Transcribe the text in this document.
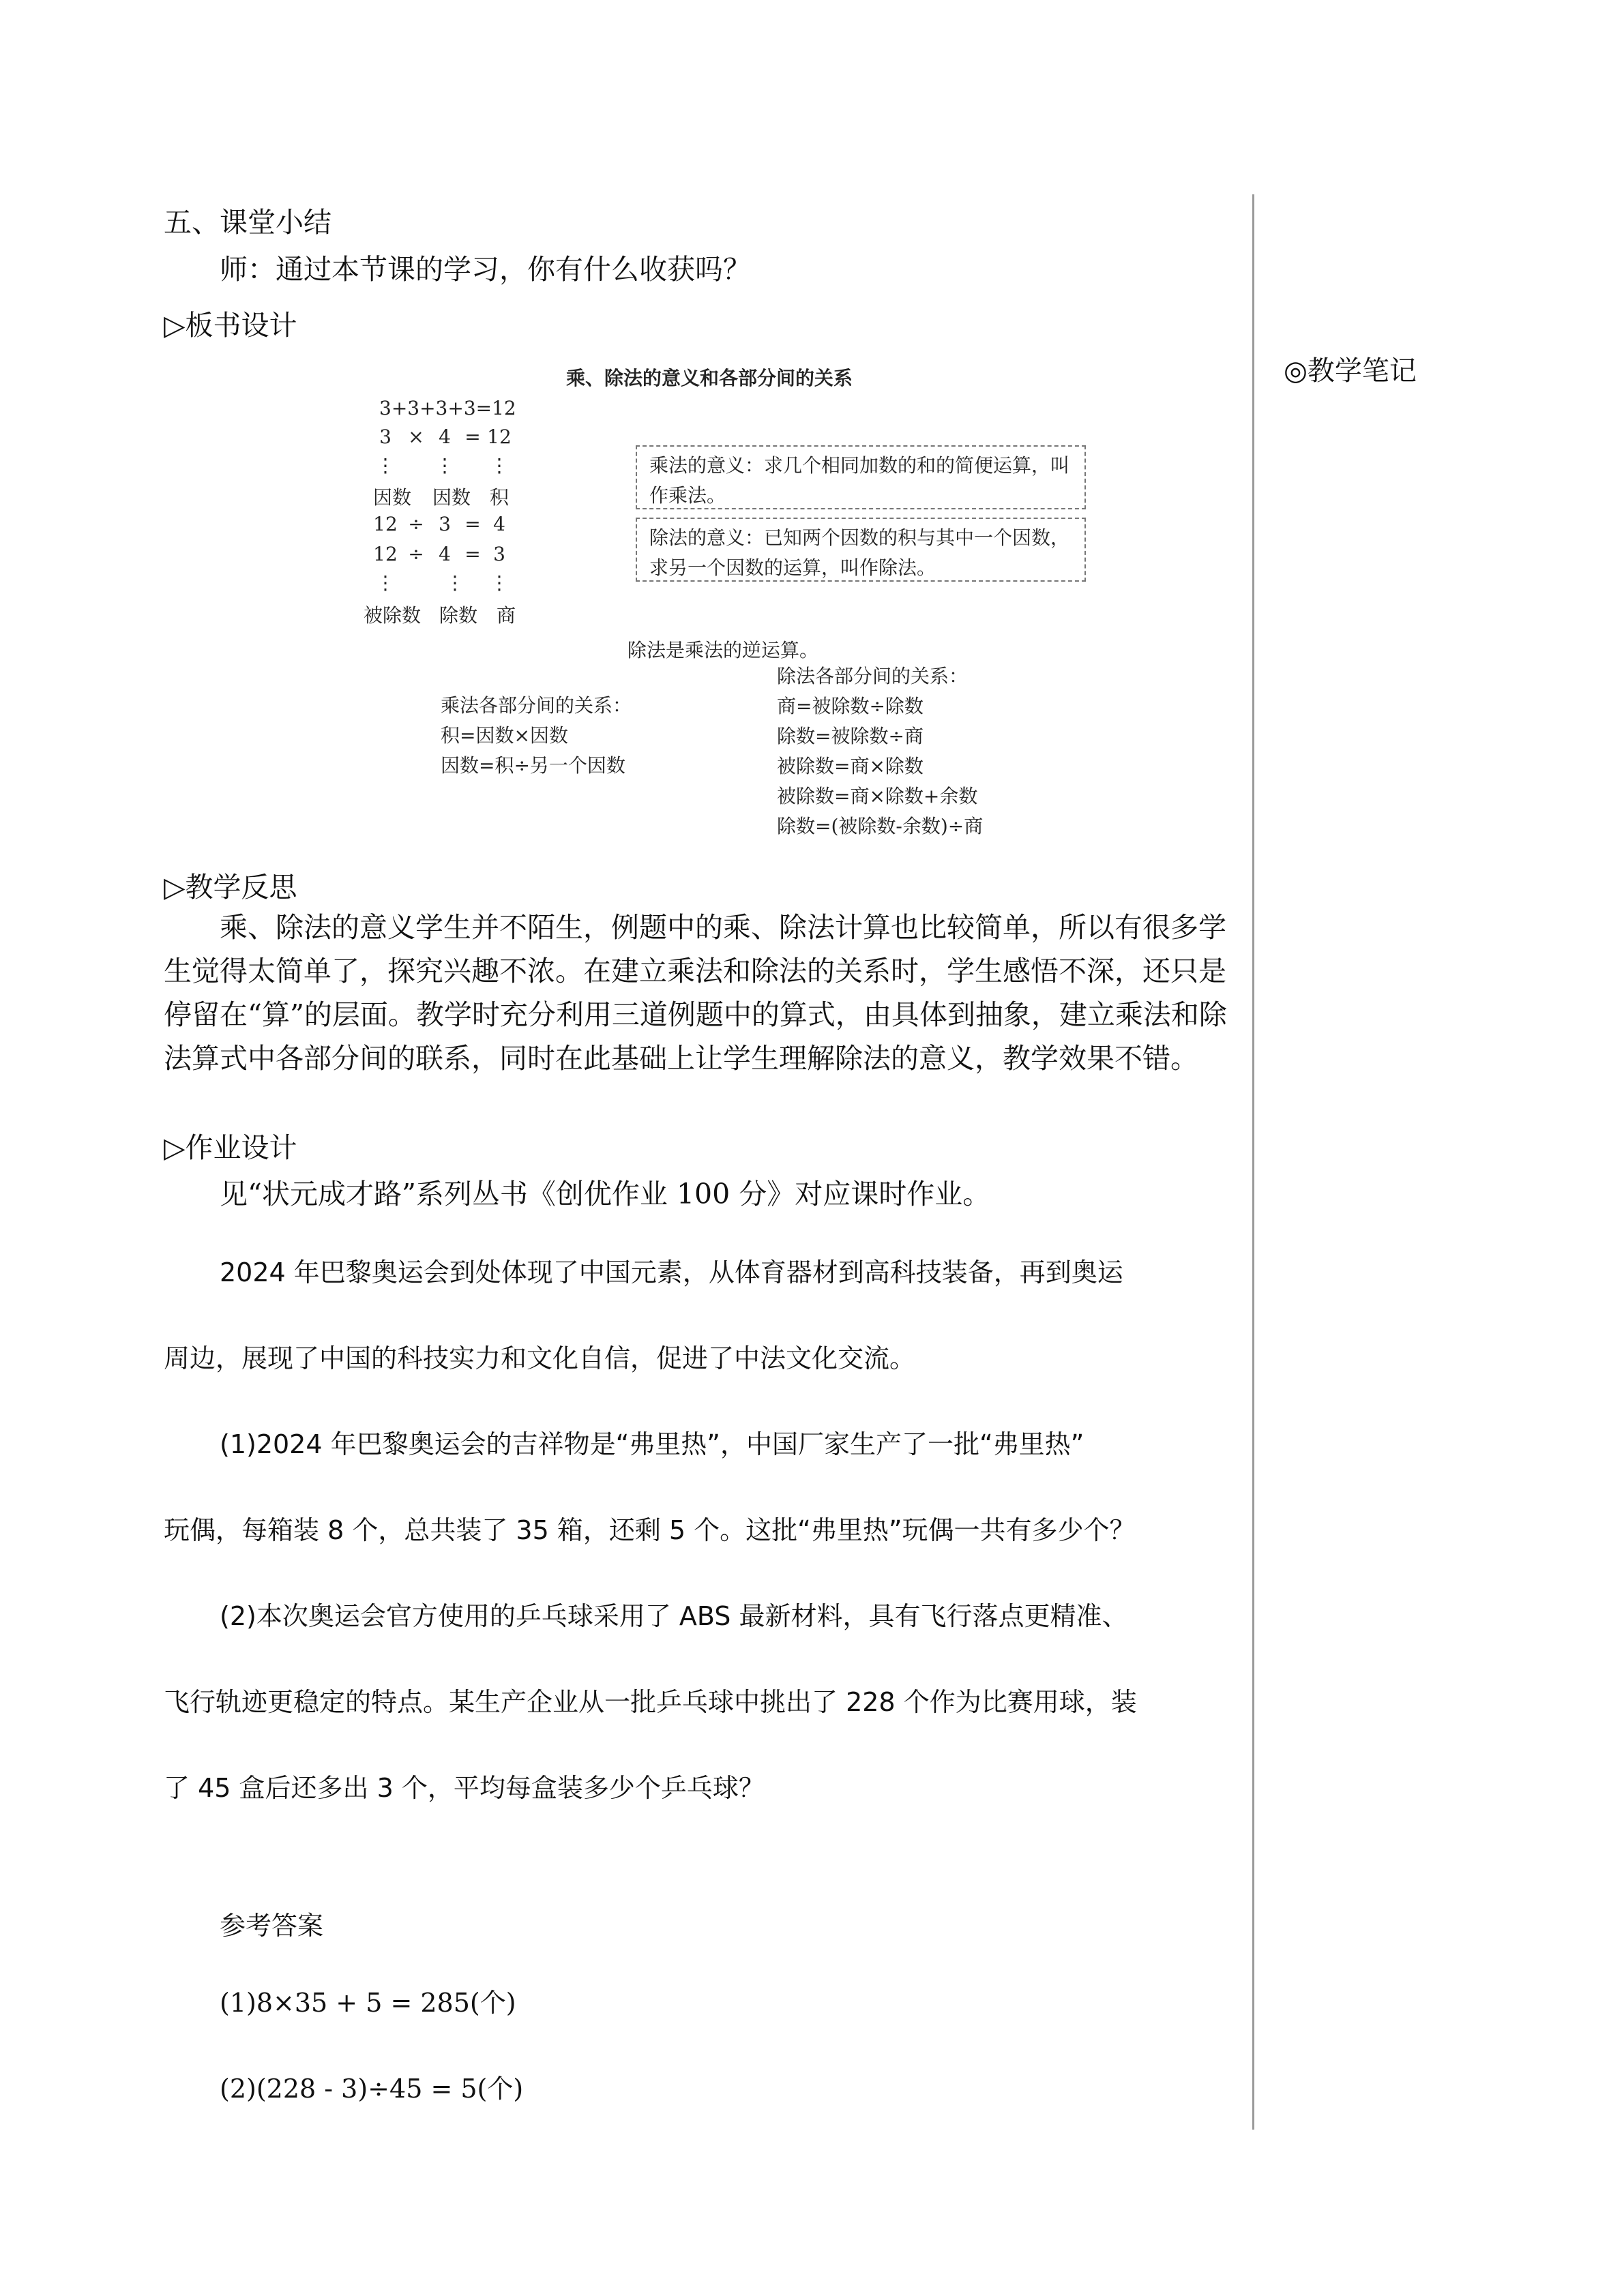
五、课堂小结
师：通过本节课的学习，你有什么收获吗？
▷板书设计
◎教学笔记
乘、除法的意义和各部分间的关系
3+3+3+3=12
3 × 4 = 12
⋮	⋮	⋮
因数	因数 积
12 ÷ 3 = 4
12 ÷ 4 = 3
⋮	⋮	⋮
被除数 除数 商
乘法的意义：求几个相同加数的和的简便运算，叫作乘法。
除法的意义：已知两个因数的积与其中一个因数，求另一个因数的运算，叫作除法。
除法是乘法的逆运算。

乘法各部分间的关系：

积=因数×因数

因数=积÷另一个因数

除法各部分间的关系：

商=被除数÷除数

除数=被除数÷商

被除数=商×除数

被除数=商×除数+余数

除数=(被除数-余数)÷商

▷教学反思
乘、除法的意义学生并不陌生，例题中的乘、除法计算也比较简单，所以有很多学生觉得太简单了，探究兴趣不浓。在建立乘法和除法的关系时，学生感悟不深，还只是停留在“算”的层面。教学时充分利用三道例题中的算式，由具体到抽象，建立乘法和除法算式中各部分间的联系，同时在此基础上让学生理解除法的意义，教学效果不错。
▷作业设计
见“状元成才路”系列丛书《创优作业 100 分》对应课时作业。
2024 年巴黎奥运会到处体现了中国元素，从体育器材到高科技装备，再到奥运
周边，展现了中国的科技实力和文化自信，促进了中法文化交流。
(1)2024 年巴黎奥运会的吉祥物是“弗里热”，中国厂家生产了一批“弗里热”
玩偶，每箱装 8 个，总共装了 35 箱，还剩 5 个。这批“弗里热”玩偶一共有多少个？
(2)本次奥运会官方使用的乒乓球采用了 ABS 最新材料，具有飞行落点更精准、
飞行轨迹更稳定的特点。某生产企业从一批乒乓球中挑出了 228 个作为比赛用球，装
了 45 盒后还多出 3 个，平均每盒装多少个乒乓球？
参考答案
(1)8×35 + 5 = 285(个)
(2)(228 - 3)÷45 = 5(个)
